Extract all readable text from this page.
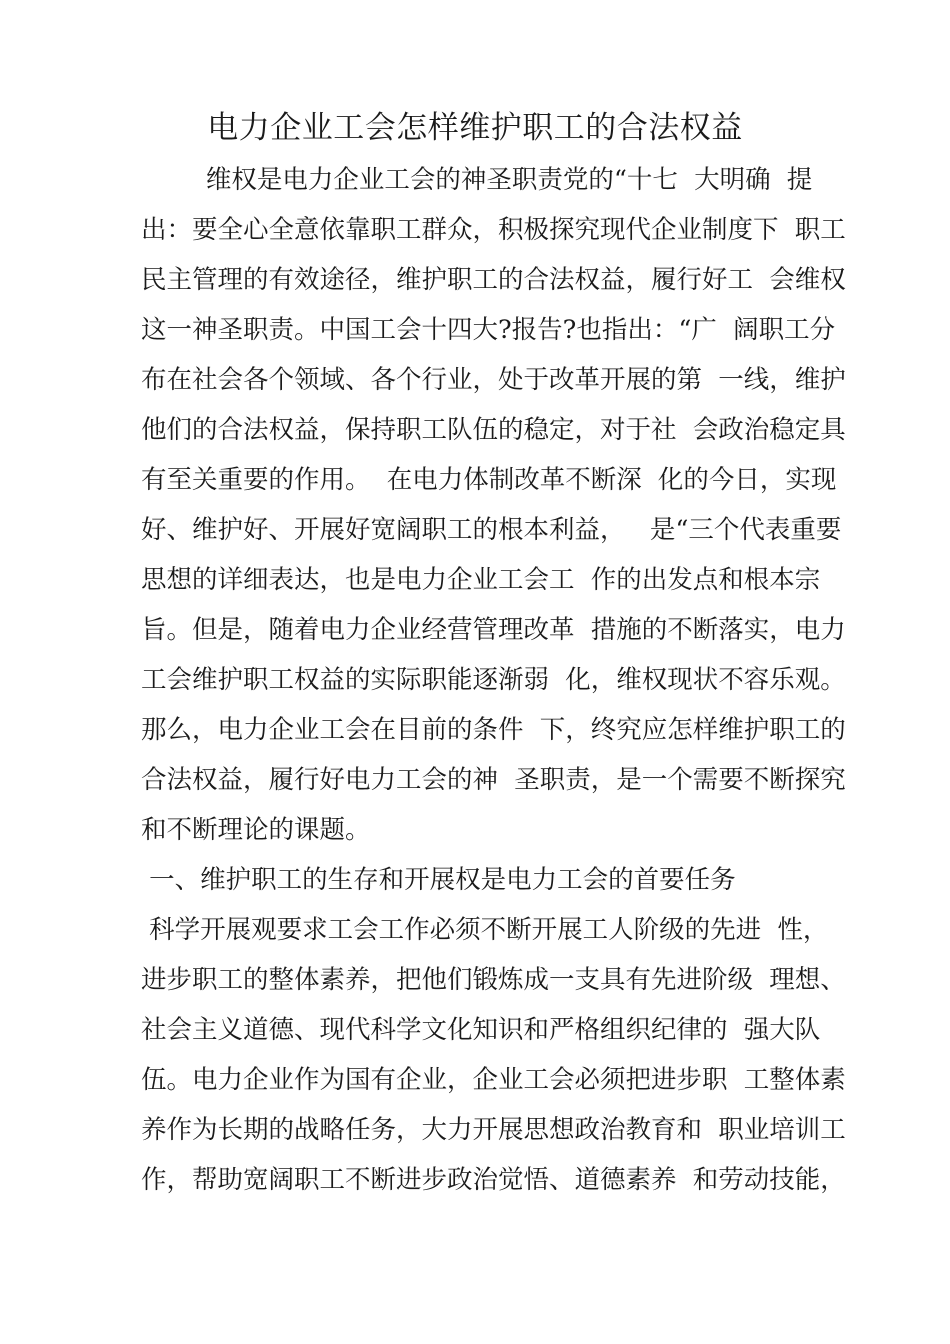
电力企业工会怎样维护职工的合法权益
维权是电力企业工会的神圣职责党的“十七  大明确  提
出：要全心全意依靠职工群众，积极探究现代企业制度下  职工
民主管理的有效途径，维护职工的合法权益，履行好工  会维权
这一神圣职责。中国工会十四大?报告?也指出：“广  阔职工分
布在社会各个领域、各个行业，处于改革开展的第  一线，维护
他们的合法权益，保持职工队伍的稳定，对于社  会政治稳定具
有至关重要的作用。  在电力体制改革不断深  化的今日，实现
好、维护好、开展好宽阔职工的根本利益，   是“三个代表重要
思想的详细表达，也是电力企业工会工  作的出发点和根本宗
旨。但是，随着电力企业经营管理改革  措施的不断落实，电力
工会维护职工权益的实际职能逐渐弱  化，维权现状不容乐观。
那么，电力企业工会在目前的条件  下，终究应怎样维护职工的
合法权益，履行好电力工会的神  圣职责，是一个需要不断探究
和不断理论的课题。
一、维护职工的生存和开展权是电力工会的首要任务
科学开展观要求工会工作必须不断开展工人阶级的先进  性，
进步职工的整体素养，把他们锻炼成一支具有先进阶级  理想、
社会主义道德、现代科学文化知识和严格组织纪律的  强大队
伍。电力企业作为国有企业，企业工会必须把进步职  工整体素
养作为长期的战略任务，大力开展思想政治教育和  职业培训工
作，帮助宽阔职工不断进步政治觉悟、道德素养  和劳动技能，
